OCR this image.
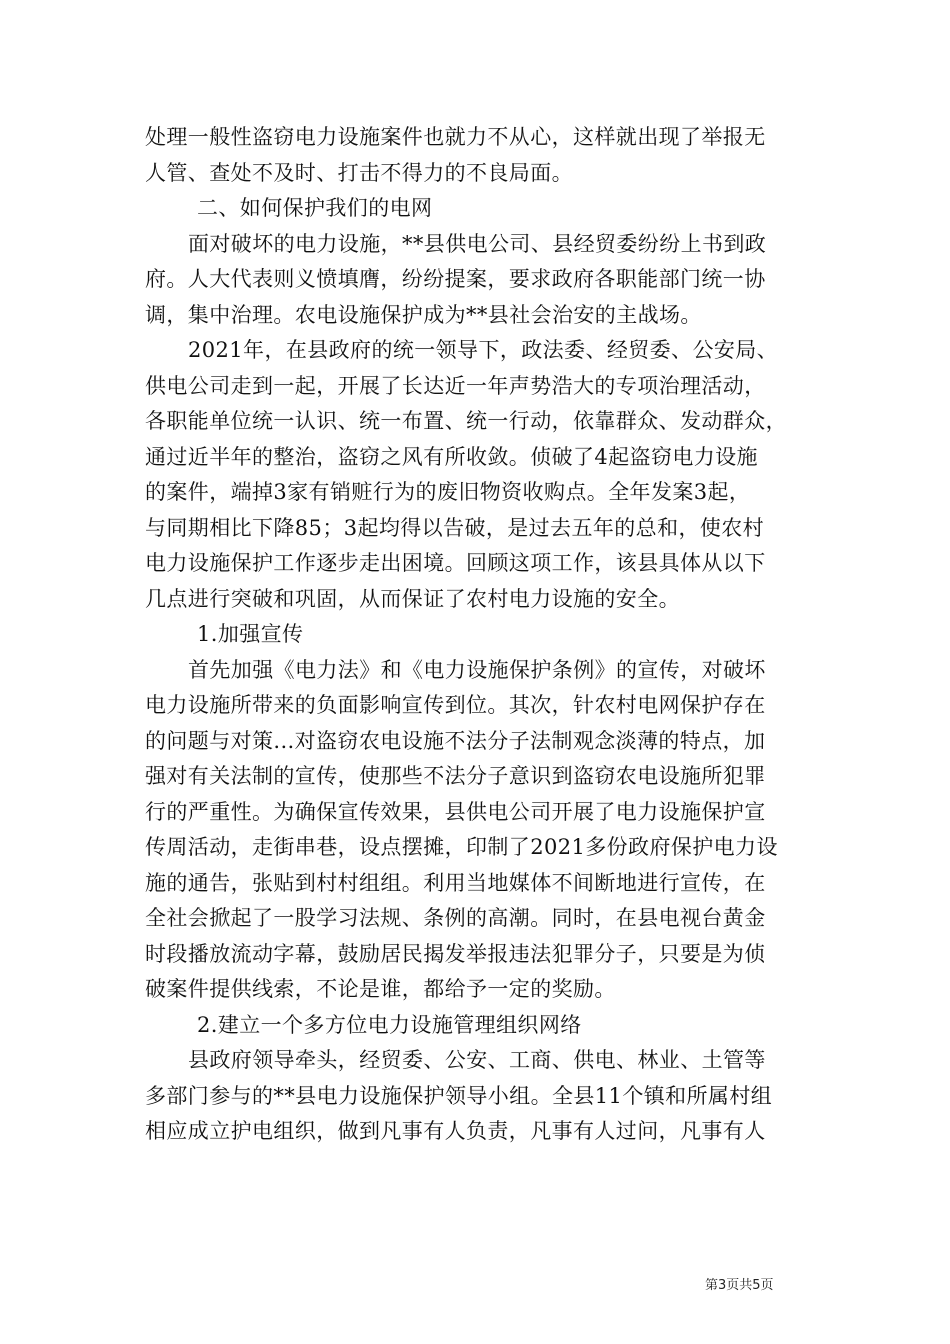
处理一般性盗窃电力设施案件也就力不从心，这样就出现了举报无
人管、查处不及时、打击不得力的不良局面。
二、如何保护我们的电网
面对破坏的电力设施，**县供电公司、县经贸委纷纷上书到政
府。人大代表则义愤填膺，纷纷提案，要求政府各职能部门统一协
调，集中治理。农电设施保护成为**县社会治安的主战场。
2021年，在县政府的统一领导下，政法委、经贸委、公安局、
供电公司走到一起，开展了长达近一年声势浩大的专项治理活动，
各职能单位统一认识、统一布置、统一行动，依靠群众、发动群众，
通过近半年的整治，盗窃之风有所收敛。侦破了4起盗窃电力设施
的案件，端掉3家有销赃行为的废旧物资收购点。全年发案3起，
与同期相比下降85；3起均得以告破，是过去五年的总和，使农村
电力设施保护工作逐步走出困境。回顾这项工作，该县具体从以下
几点进行突破和巩固，从而保证了农村电力设施的安全。
1.加强宣传
首先加强《电力法》和《电力设施保护条例》的宣传，对破坏
电力设施所带来的负面影响宣传到位。其次，针农村电网保护存在
的问题与对策...对盗窃农电设施不法分子法制观念淡薄的特点，加
强对有关法制的宣传，使那些不法分子意识到盗窃农电设施所犯罪
行的严重性。为确保宣传效果，县供电公司开展了电力设施保护宣
传周活动，走街串巷，设点摆摊，印制了2021多份政府保护电力设
施的通告，张贴到村村组组。利用当地媒体不间断地进行宣传，在
全社会掀起了一股学习法规、条例的高潮。同时，在县电视台黄金
时段播放流动字幕，鼓励居民揭发举报违法犯罪分子，只要是为侦
破案件提供线索，不论是谁，都给予一定的奖励。
2.建立一个多方位电力设施管理组织网络
县政府领导牵头，经贸委、公安、工商、供电、林业、土管等
多部门参与的**县电力设施保护领导小组。全县11个镇和所属村组
相应成立护电组织，做到凡事有人负责，凡事有人过问，凡事有人
第3页共5页
